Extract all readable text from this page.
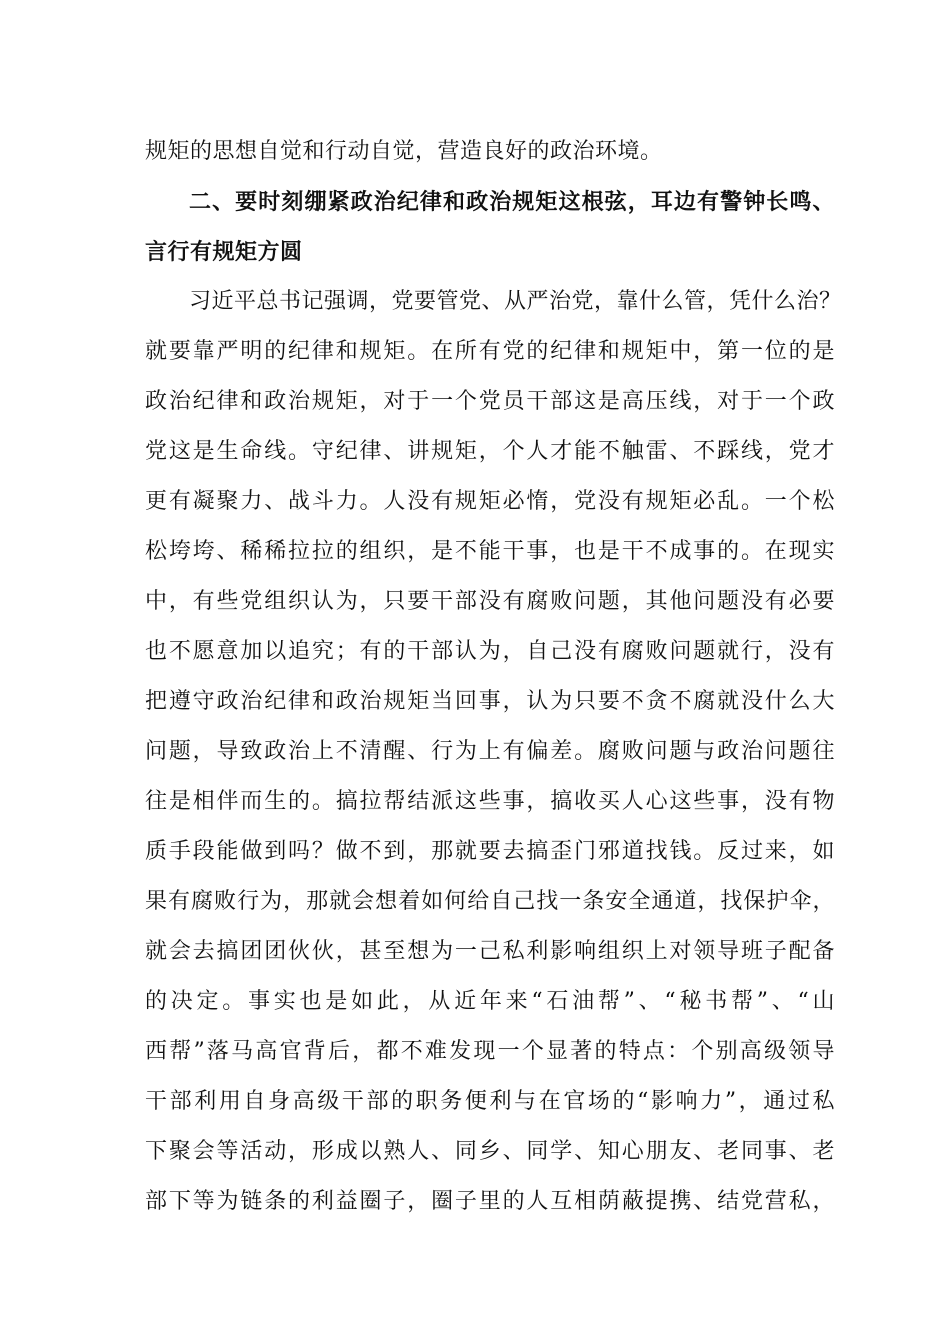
规矩的思想自觉和行动自觉，营造良好的政治环境。
二、要时刻绷紧政治纪律和政治规矩这根弦，耳边有警钟长鸣、
言行有规矩方圆
习近平总书记强调，党要管党、从严治党，靠什么管，凭什么治？
就要靠严明的纪律和规矩。在所有党的纪律和规矩中，第一位的是
政治纪律和政治规矩，对于一个党员干部这是高压线，对于一个政
党这是生命线。守纪律、讲规矩，个人才能不触雷、不踩线，党才
更有凝聚力、战斗力。人没有规矩必惰，党没有规矩必乱。一个松
松垮垮、稀稀拉拉的组织，是不能干事，也是干不成事的。在现实
中，有些党组织认为，只要干部没有腐败问题，其他问题没有必要
也不愿意加以追究；有的干部认为，自己没有腐败问题就行，没有
把遵守政治纪律和政治规矩当回事，认为只要不贪不腐就没什么大
问题，导致政治上不清醒、行为上有偏差。腐败问题与政治问题往
往是相伴而生的。搞拉帮结派这些事，搞收买人心这些事，没有物
质手段能做到吗？做不到，那就要去搞歪门邪道找钱。反过来，如
果有腐败行为，那就会想着如何给自己找一条安全通道，找保护伞，
就会去搞团团伙伙，甚至想为一己私利影响组织上对领导班子配备
的决定。事实也是如此，从近年来“石油帮”、“秘书帮”、“山
西帮”落马高官背后，都不难发现一个显著的特点：个别高级领导
干部利用自身高级干部的职务便利与在官场的“影响力”，通过私
下聚会等活动，形成以熟人、同乡、同学、知心朋友、老同事、老
部下等为链条的利益圈子，圈子里的人互相荫蔽提携、结党营私，
